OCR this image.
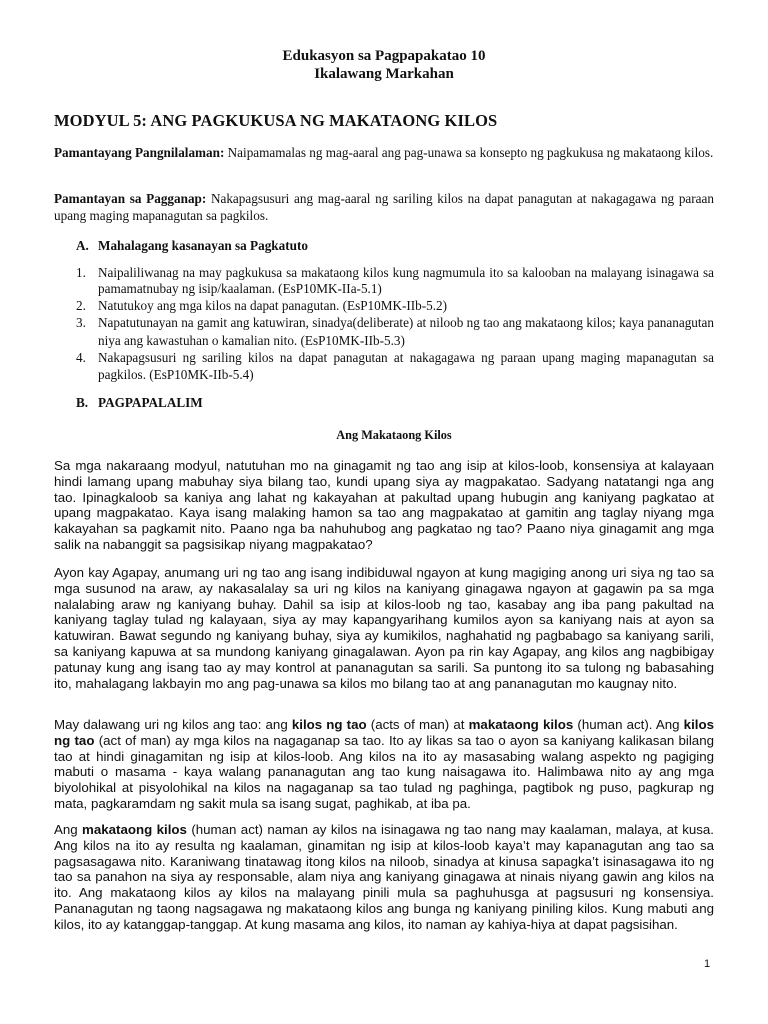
Edukasyon sa Pagpapakatao 10
Ikalawang Markahan
MODYUL 5: ANG PAGKUKUSA NG MAKATAONG KILOS
Pamantayang Pangnilalaman: Naipamamalas ng mag-aaral ang pag-unawa sa konsepto ng pagkukusa ng makataong kilos.
Pamantayan sa Pagganap: Nakapagsusuri ang mag-aaral ng sariling kilos na dapat panagutan at nakagagawa ng paraan upang maging mapanagutan sa pagkilos.
A. Mahalagang kasanayan sa Pagkatuto
1. Naipaliliwanag na may pagkukusa sa makataong kilos kung nagmumula ito sa kalooban na malayang isinagawa sa pamamatnubay ng isip/kaalaman. (EsP10MK-IIa-5.1)
2. Natutukoy ang mga kilos na dapat panagutan. (EsP10MK-IIb-5.2)
3. Napatutunayan na gamit ang katuwiran, sinadya(deliberate) at niloob ng tao ang makataong kilos; kaya pananagutan niya ang kawastuhan o kamalian nito. (EsP10MK-IIb-5.3)
4. Nakapagsusuri ng sariling kilos na dapat panagutan at nakagagawa ng paraan upang maging mapanagutan sa pagkilos. (EsP10MK-IIb-5.4)
B. PAGPAPALALIM
Ang Makataong Kilos
Sa mga nakaraang modyul, natutuhan mo na ginagamit ng tao ang isip at kilos-loob, konsensiya at kalayaan hindi lamang upang mabuhay siya bilang tao, kundi upang siya ay magpakatao. Sadyang natatangi nga ang tao. Ipinagkaloob sa kaniya ang lahat ng kakayahan at pakultad upang hubugin ang kaniyang pagkatao at upang magpakatao. Kaya isang malaking hamon sa tao ang magpakatao at gamitin ang taglay niyang mga kakayahan sa pagkamit nito. Paano nga ba nahuhubog ang pagkatao ng tao? Paano niya ginagamit ang mga salik na nabanggit sa pagsisikap niyang magpakatao?
Ayon kay Agapay, anumang uri ng tao ang isang indibiduwal ngayon at kung magiging anong uri siya ng tao sa mga susunod na araw, ay nakasalalay sa uri ng kilos na kaniyang ginagawa ngayon at gagawin pa sa mga nalalabing araw ng kaniyang buhay. Dahil sa isip at kilos-loob ng tao, kasabay ang iba pang pakultad na kaniyang taglay tulad ng kalayaan, siya ay may kapangyarihang kumilos ayon sa kaniyang nais at ayon sa katuwiran. Bawat segundo ng kaniyang buhay, siya ay kumikilos, naghahatid ng pagbabago sa kaniyang sarili, sa kaniyang kapuwa at sa mundong kaniyang ginagalawan. Ayon pa rin kay Agapay, ang kilos ang nagbibigay patunay kung ang isang tao ay may kontrol at pananagutan sa sarili. Sa puntong ito sa tulong ng babasahing ito, mahalagang lakbayin mo ang pag-unawa sa kilos mo bilang tao at ang pananagutan mo kaugnay nito.
May dalawang uri ng kilos ang tao: ang kilos ng tao (acts of man) at makataong kilos (human act). Ang kilos ng tao (act of man) ay mga kilos na nagaganap sa tao. Ito ay likas sa tao o ayon sa kaniyang kalikasan bilang tao at hindi ginagamitan ng isip at kilos-loob. Ang kilos na ito ay masasabing walang aspekto ng pagiging mabuti o masama - kaya walang pananagutan ang tao kung naisagawa ito. Halimbawa nito ay ang mga biyolohikal at pisyolohikal na kilos na nagaganap sa tao tulad ng paghinga, pagtibok ng puso, pagkurap ng mata, pagkaramdam ng sakit mula sa isang sugat, paghikab, at iba pa.
Ang makataong kilos (human act) naman ay kilos na isinagawa ng tao nang may kaalaman, malaya, at kusa. Ang kilos na ito ay resulta ng kaalaman, ginamitan ng isip at kilos-loob kaya’t may kapanagutan ang tao sa pagsasagawa nito. Karaniwang tinatawag itong kilos na niloob, sinadya at kinusa sapagka’t isinasagawa ito ng tao sa panahon na siya ay responsable, alam niya ang kaniyang ginagawa at ninais niyang gawin ang kilos na ito. Ang makataong kilos ay kilos na malayang pinili mula sa paghuhusga at pagsusuri ng konsensiya. Pananagutan ng taong nagsagawa ng makataong kilos ang bunga ng kaniyang piniling kilos. Kung mabuti ang kilos, ito ay katanggap-tanggap. At kung masama ang kilos, ito naman ay kahiya-hiya at dapat pagsisihan.
1
